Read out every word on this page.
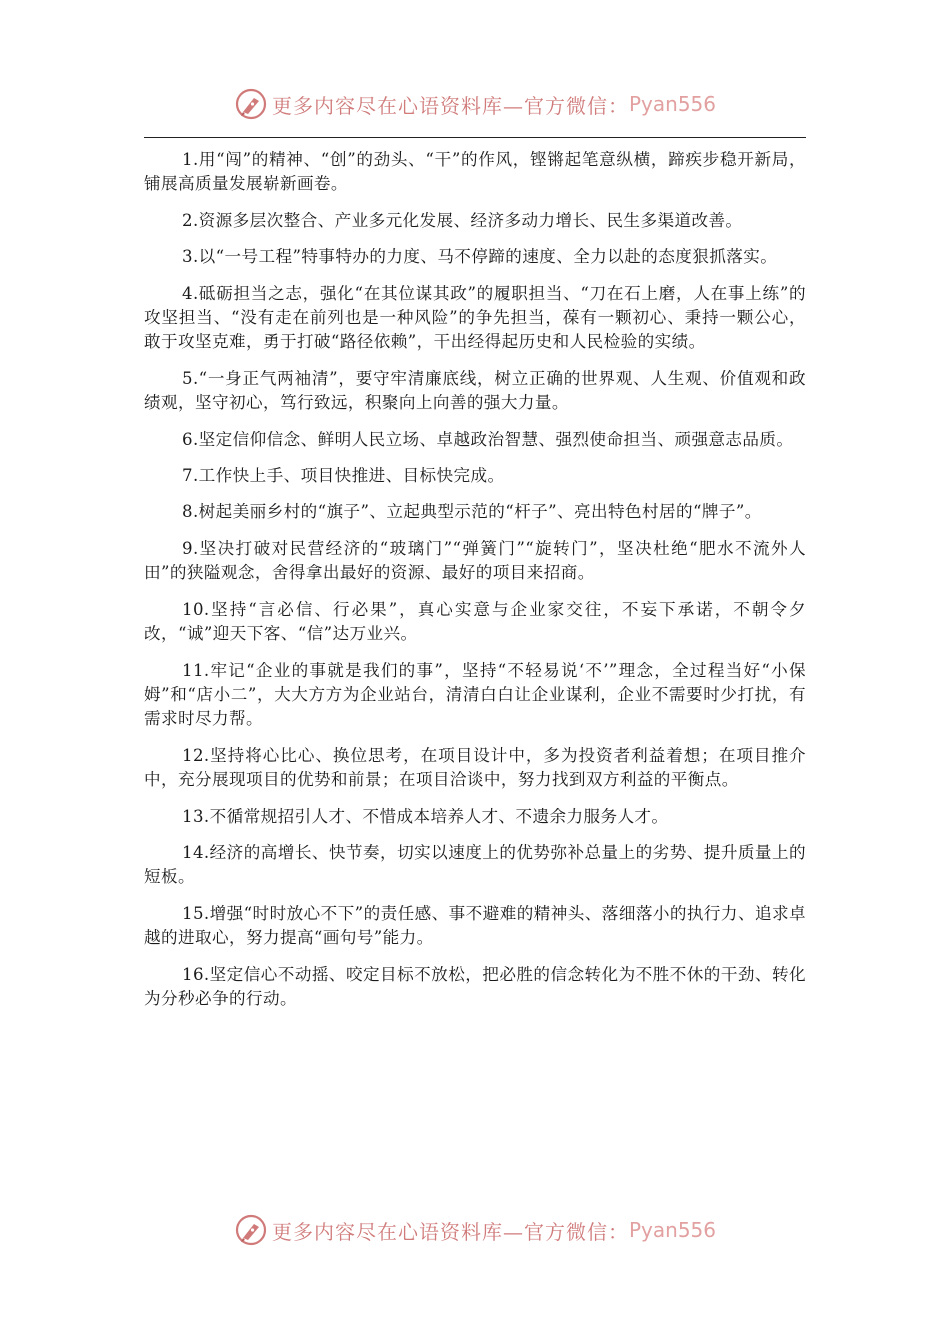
更多内容尽在心语资料库—官方微信： Pyan556

1.用“闯”的精神、“创”的劲头、“干”的作风，铿锵起笔意纵横，蹄疾步稳开新局，铺展高质量发展崭新画卷。

2.资源多层次整合、产业多元化发展、经济多动力增长、民生多渠道改善。

3.以“一号工程”特事特办的力度、马不停蹄的速度、全力以赴的态度狠抓落实。

4.砥砺担当之志，强化“在其位谋其政”的履职担当、“刀在石上磨，人在事上练”的攻坚担当、“没有走在前列也是一种风险”的争先担当，葆有一颗初心、秉持一颗公心，敢于攻坚克难，勇于打破“路径依赖”，干出经得起历史和人民检验的实绩。

5.“一身正气两袖清”，要守牢清廉底线，树立正确的世界观、人生观、价值观和政绩观，坚守初心，笃行致远，积聚向上向善的强大力量。

6.坚定信仰信念、鲜明人民立场、卓越政治智慧、强烈使命担当、顽强意志品质。

7.工作快上手、项目快推进、目标快完成。

8.树起美丽乡村的“旗子”、立起典型示范的“杆子”、亮出特色村居的“牌子”。

9.坚决打破对民营经济的“玻璃门”“弹簧门”“旋转门”，坚决杜绝“肥水不流外人田”的狭隘观念，舍得拿出最好的资源、最好的项目来招商。

10.坚持“言必信、行必果”，真心实意与企业家交往，不妄下承诺，不朝令夕改，“诚”迎天下客、“信”达万业兴。

11.牢记“企业的事就是我们的事”，坚持“不轻易说‘不’”理念，全过程当好“小保姆”和“店小二”，大大方方为企业站台，清清白白让企业谋利，企业不需要时少打扰，有需求时尽力帮。

12.坚持将心比心、换位思考，在项目设计中，多为投资者利益着想；在项目推介中，充分展现项目的优势和前景；在项目洽谈中，努力找到双方利益的平衡点。

13.不循常规招引人才、不惜成本培养人才、不遗余力服务人才。

14.经济的高增长、快节奏，切实以速度上的优势弥补总量上的劣势、提升质量上的短板。

15.增强“时时放心不下”的责任感、事不避难的精神头、落细落小的执行力、追求卓越的进取心，努力提高“画句号”能力。

16.坚定信心不动摇、咬定目标不放松，把必胜的信念转化为不胜不休的干劲、转化为分秒必争的行动。

更多内容尽在心语资料库—官方微信： Pyan556
